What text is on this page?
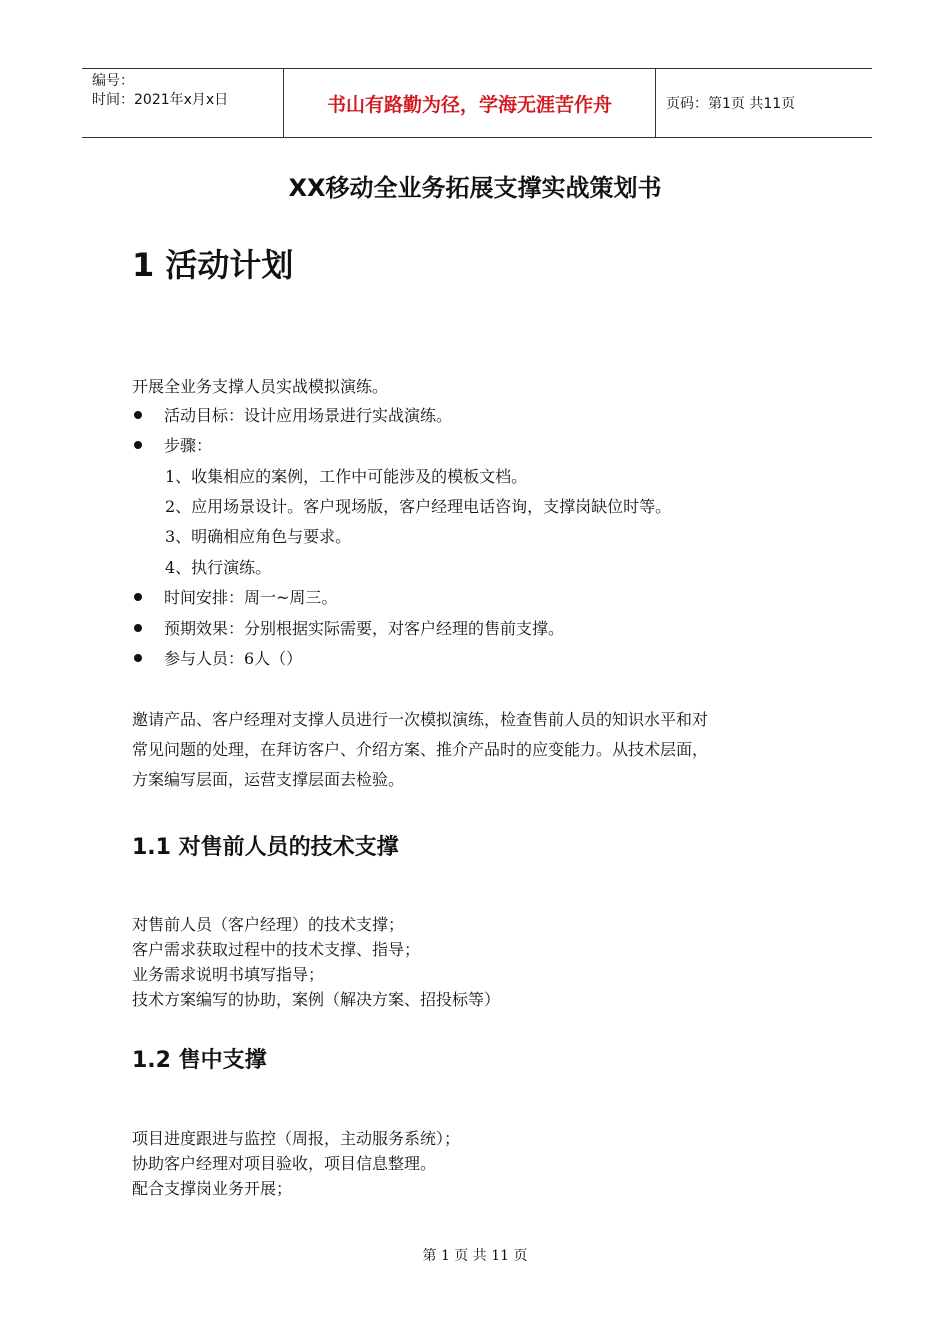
编号：
时间：2021年x月x日	书山有路勤为径，学海无涯苦作舟	页码：第1页 共11页
XX移动全业务拓展支撑实战策划书
1 活动计划
开展全业务支撑人员实战模拟演练。
活动目标：设计应用场景进行实战演练。
步骤：
1、收集相应的案例，工作中可能涉及的模板文档。
2、应用场景设计。客户现场版，客户经理电话咨询，支撑岗缺位时等。
3、明确相应角色与要求。
4、执行演练。
时间安排：周一~周三。
预期效果：分别根据实际需要，对客户经理的售前支撑。
参与人员：6人（）
邀请产品、客户经理对支撑人员进行一次模拟演练，检查售前人员的知识水平和对
常见问题的处理，在拜访客户、介绍方案、推介产品时的应变能力。从技术层面，
方案编写层面，运营支撑层面去检验。
1.1 对售前人员的技术支撑
对售前人员（客户经理）的技术支撑；
客户需求获取过程中的技术支撑、指导；
业务需求说明书填写指导；
技术方案编写的协助，案例（解决方案、招投标等）
1.2 售中支撑
项目进度跟进与监控（周报，主动服务系统）；
协助客户经理对项目验收，项目信息整理。
配合支撑岗业务开展；
第 1 页 共 11 页
